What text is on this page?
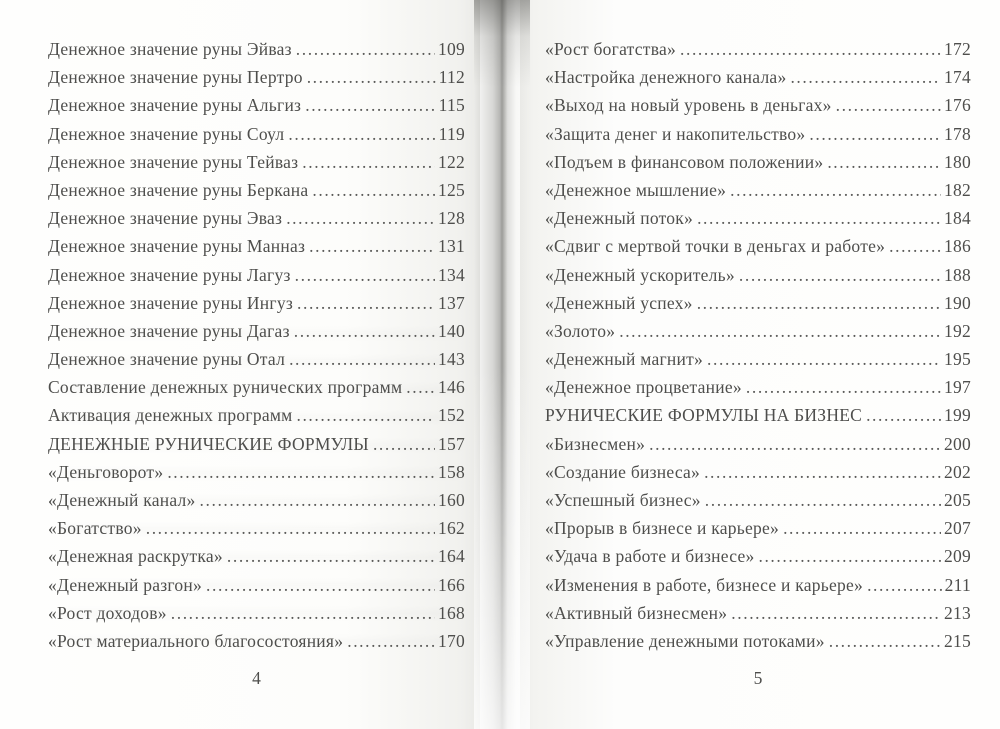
Денежное значение руны Эйваз .....	109
Денежное значение руны Пертро .....	112
Денежное значение руны Альгиз .....	115
Денежное значение руны Соул .....	119
Денежное значение руны Тейваз .....	122
Денежное значение руны Беркана .....	125
Денежное значение руны Эваз .....	128
Денежное значение руны Манназ .....	131
Денежное значение руны Лагуз .....	134
Денежное значение руны Ингуз .....	137
Денежное значение руны Дагаз .....	140
Денежное значение руны Отал .....	143
Составление денежных рунических программ ..... 146
Активация денежных программ .....	152
ДЕНЕЖНЫЕ РУНИЧЕСКИЕ ФОРМУЛЫ .....	157
«Деньговорот» .....	158
«Денежный канал» .....	160
«Богатство» .....	162
«Денежная раскрутка» .....	164
«Денежный разгон» .....	166
«Рост доходов» .....	168
«Рост материального благосостояния» .....	170
4
«Рост богатства» .....	172
«Настройка денежного канала» .....	174
«Выход на новый уровень в деньгах» .....	176
«Защита денег и накопительство» .....	178
«Подъем в финансовом положении» .....	180
«Денежное мышление» .....	182
«Денежный поток» .....	184
«Сдвиг с мертвой точки в деньгах и работе» .....	186
«Денежный ускоритель» .....	188
«Денежный успех» .....	190
«Золото» .....	192
«Денежный магнит» .....	195
«Денежное процветание» .....	197
РУНИЧЕСКИЕ ФОРМУЛЫ НА БИЗНЕС .....	199
«Бизнесмен» .....	200
«Создание бизнеса» .....	202
«Успешный бизнес» .....	205
«Прорыв в бизнесе и карьере» .....	207
«Удача в работе и бизнесе» .....	209
«Изменения в работе, бизнесе и карьере» .....	211
«Активный бизнесмен» .....	213
«Управление денежными потоками» .....	215
5
